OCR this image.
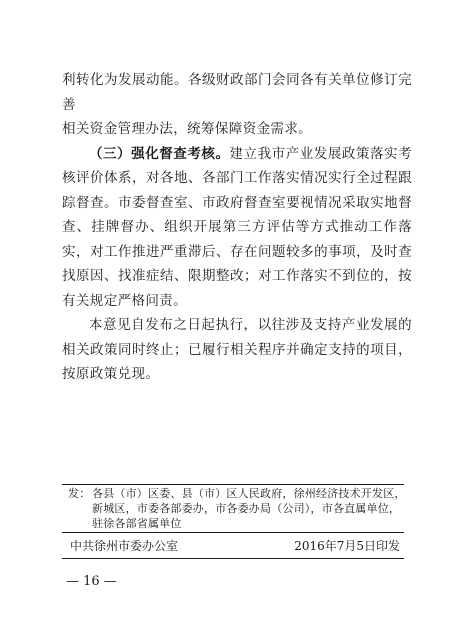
利转化为发展动能。各级财政部门会同各有关单位修订完善
相关资金管理办法，统筹保障资金需求。

（三）强化督查考核。建立我市产业发展政策落实考核评价体系，对各地、各部门工作落实情况实行全过程跟踪督查。市委督查室、市政府督查室要视情况采取实地督查、挂牌督办、组织开展第三方评估等方式推动工作落实，对工作推进严重滞后、存在问题较多的事项，及时查找原因、找准症结、限期整改；对工作落实不到位的，按有关规定严格问责。

本意见自发布之日起执行，以往涉及支持产业发展的相关政策同时终止；已履行相关程序并确定支持的项目，按原政策兑现。

发： 各县（市）区委、县（市）区人民政府，徐州经济技术开发区，
新城区，市委各部委办，市各委办局（公司），市各直属单位，
驻徐各部省属单位
中共徐州市委办公室	2016年7月5日印发
— 16 —
